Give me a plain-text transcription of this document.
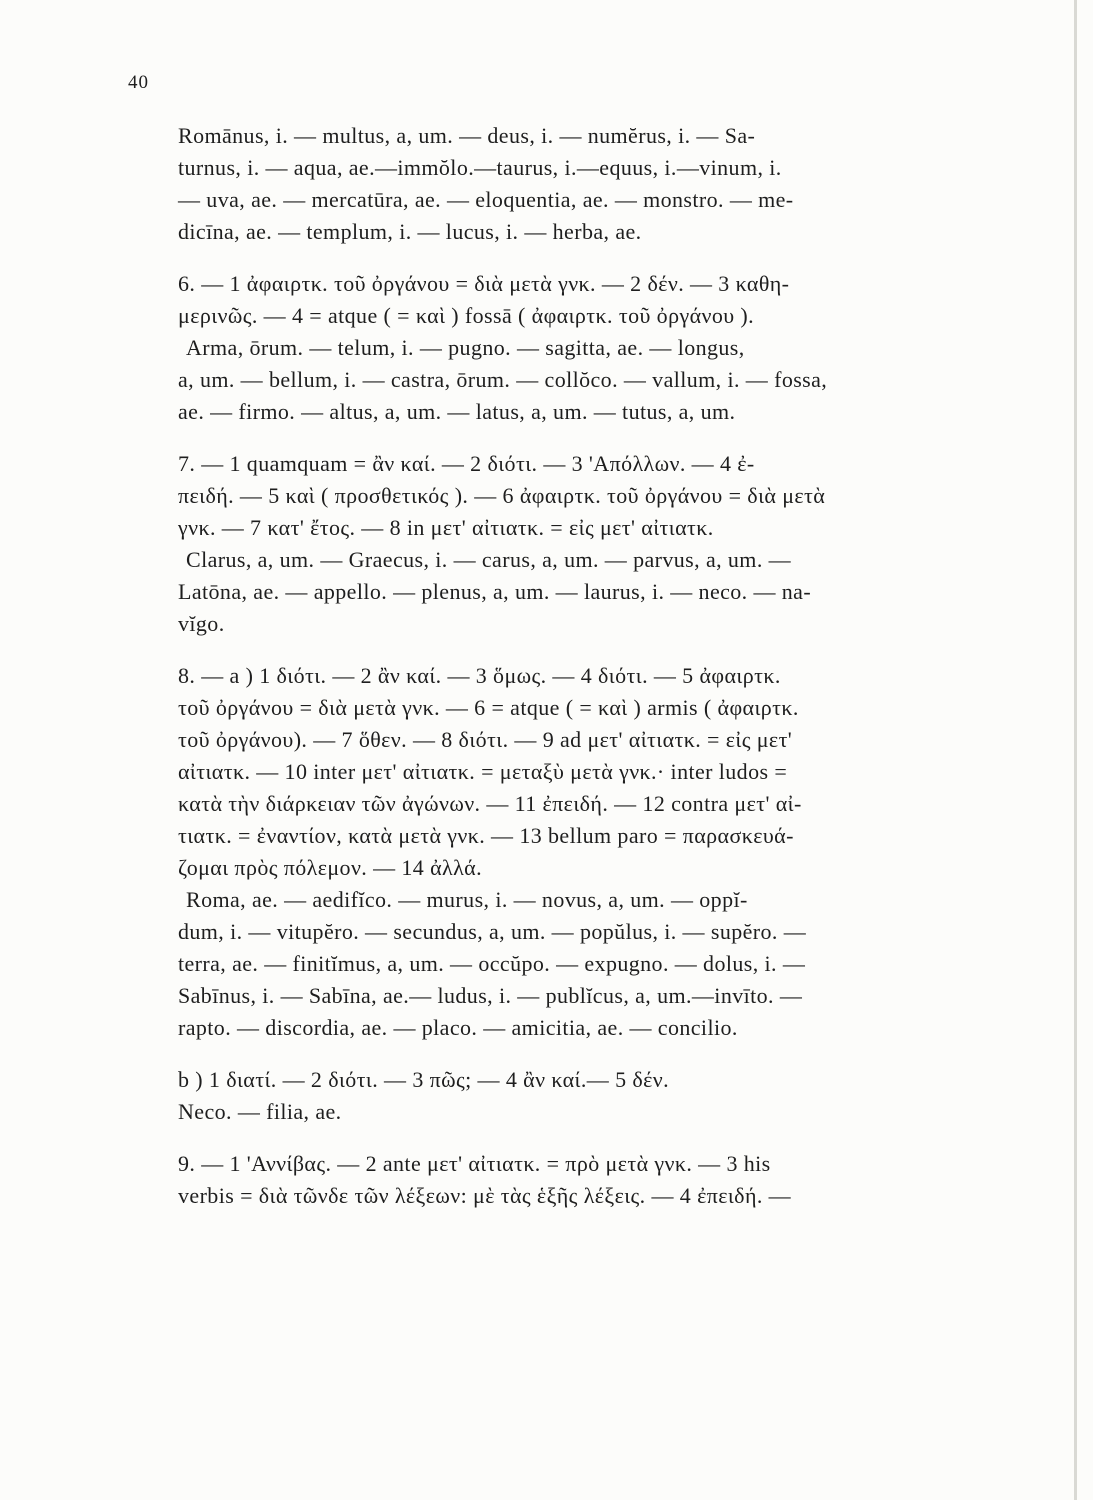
40
Romānus, i. — multus, a, um. — deus, i. — numĕrus, i. — Sa-
turnus, i. — aqua, ae.—immŏlo.—taurus, i.—equus, i.—vinum, i.
— uva, ae. — mercatūra, ae. — eloquentia, ae. — monstro. — me-
dicīna, ae. — templum, i. — lucus, i. — herba, ae.
6. — 1 ἀφαιρτκ. τοῦ ὀργάνου = διὰ μετὰ γνκ. — 2 δέν. — 3 καθη-
μερινῶς. — 4 = atque ( = καὶ ) fossā ( ἀφαιρτκ. τοῦ ὀργάνου ).
Arma, ōrum. — telum, i. — pugno. — sagitta, ae. — longus,
a, um. — bellum, i. — castra, ōrum. — collŏco. — vallum, i. — fossa,
ae. — firmo. — altus, a, um. — latus, a, um. — tutus, a, um.
7. — 1 quamquam = ἂν καί. — 2 διότι. — 3 'Απόλλων. — 4 ἐ-
πειδή. — 5 καὶ ( προσθετικός ). — 6 ἀφαιρτκ. τοῦ ὀργάνου = διὰ μετὰ
γνκ. — 7 κατ' ἔτος. — 8 in μετ' αἰτιατκ. = εἰς μετ' αἰτιατκ.
Clarus, a, um. — Graecus, i. — carus, a, um. — parvus, a, um. —
Latōna, ae. — appello. — plenus, a, um. — laurus, i. — neco. — na-
vĭgo.
8. — a ) 1 διότι. — 2 ἂν καί. — 3 ὅμως. — 4 διότι. — 5 ἀφαιρτκ.
τοῦ ὀργάνου = διὰ μετὰ γνκ. — 6 = atque ( = καὶ ) armis ( ἀφαιρτκ.
τοῦ ὀργάνου). — 7 ὅθεν. — 8 διότι. — 9 ad μετ' αἰτιατκ. = εἰς μετ'
αἰτιατκ. — 10 inter μετ' αἰτιατκ. = μεταξὺ μετὰ γνκ.· inter ludos =
κατὰ τὴν διάρκειαν τῶν ἀγώνων. — 11 ἐπειδή. — 12 contra μετ' αἰ-
τιατκ. = ἐναντίον, κατὰ μετὰ γνκ. — 13 bellum paro = παρασκευά-
ζομαι πρὸς πόλεμον. — 14 ἀλλά.
Roma, ae. — aedifĭco. — murus, i. — novus, a, um. — oppĭ-
dum, i. — vitupĕro. — secundus, a, um. — popŭlus, i. — supĕro. —
terra, ae. — finitĭmus, a, um. — occŭpo. — expugno. — dolus, i. —
Sabīnus, i. — Sabīna, ae.— ludus, i. — publĭcus, a, um.—invīto. —
rapto. — discordia, ae. — placo. — amicitia, ae. — concilio.
b ) 1 διατί. — 2 διότι. — 3 πῶς; — 4 ἂν καί.— 5 δέν.
Neco. — filia, ae.
9. — 1 'Αννίβας. — 2 ante μετ' αἰτιατκ. = πρὸ μετὰ γνκ. — 3 his
verbis = διὰ τῶνδε τῶν λέξεων: μὲ τὰς ἑξῆς λέξεις. — 4 ἐπειδή. —
